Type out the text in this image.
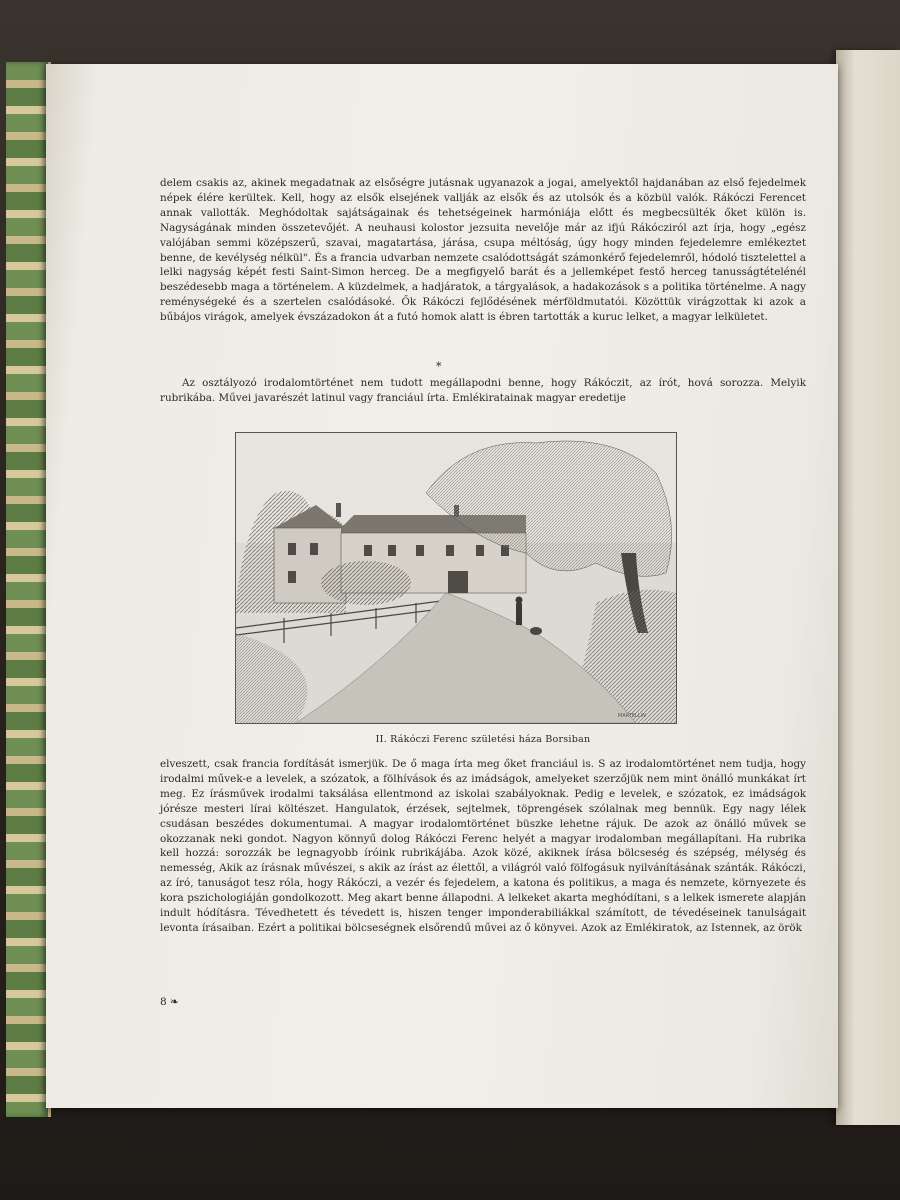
delem csakis az, akinek megadatnak az elsőségre jutásnak ugyanazok a jogai, amelyektől hajdanában az első fejedelmek népek élére kerültek. Kell, hogy az elsők elsejének vallják az elsők és az utolsók és a közbül valók. Rákóczi Ferencet annak vallották. Meghódoltak sajátságainak és tehetségeinek harmóniája előtt és megbecsülték őket külön is. Nagyságának minden összetevőjét. A neuhausi kolostor jezsuita nevelője már az ifjú Rákócziról azt írja, hogy „egész valójában semmi középszerű, szavai, magatartása, járása, csupa méltóság, úgy hogy minden fejedelemre emlékeztet benne, de kevélység nélkül". És a francia udvarban nemzete csalódottságát számonkérő fejedelemről, hódoló tisztelettel a lelki nagyság képét festi Saint-Simon herceg. De a megfigyelő barát és a jellemképet festő herceg tanusságtételénél beszédesebb maga a történelem. A küzdelmek, a hadjáratok, a tárgyalások, a hadakozások s a politika történelme. A nagy reménységeké és a szertelen csalódásoké. Ők Rákóczi fejlődésének mérföldmutatói. Közöttük virágzottak ki azok a bűbájos virágok, amelyek évszázadokon át a futó homok alatt is ébren tartották a kuruc lelket, a magyar lelkületet.

*

Az osztályozó irodalomtörténet nem tudott megállapodni benne, hogy Rákóczit, az írót, hová sorozza. Melyik rubrikába. Művei javarészét latinul vagy franciául írta. Emlékiratainak magyar eredetije

MARTELLIN
II. Rákóczi Ferenc születési háza Borsiban

elveszett, csak francia fordítását ismerjük. De ő maga írta meg őket franciául is. S az irodalomtörténet nem tudja, hogy irodalmi művek-e a levelek, a szózatok, a fölhívások és az imádságok, amelyeket szerzőjük nem mint önálló munkákat írt meg. Ez írásművek irodalmi taksálása ellentmond az iskolai szabályoknak. Pedig e levelek, e szózatok, ez imádságok jórésze mesteri lírai költészet. Hangulatok, érzések, sejtelmek, töprengések szólalnak meg bennük. Egy nagy lélek csudásan beszédes dokumentumai. A magyar irodalomtörténet büszke lehetne rájuk. De azok az önálló művek se okozzanak neki gondot. Nagyon könnyű dolog Rákóczi Ferenc helyét a magyar irodalomban megállapítani. Ha rubrika kell hozzá: sorozzák be legnagyobb íróink rubrikájába. Azok közé, akiknek írása bölcseség és szépség, mélység és nemesség, Akik az írásnak művészei, s akik az írást az élettől, a világról való fölfogásuk nyilvánításának szánták. Rákóczi, az író, tanuságot tesz róla, hogy Rákóczi, a vezér és fejedelem, a katona és politikus, a maga és nemzete, környezete és kora pszichologiáján gondolkozott. Meg akart benne állapodni. A lelkeket akarta meghódítani, s a lelkek ismerete alapján indult hódításra. Tévedhetett és tévedett is, hiszen tenger imponderabiliákkal számított, de tévedéseinek tanulságait levonta írásaiban. Ezért a politikai bölcseségnek elsőrendű művei az ő könyvei. Azok az Emlékiratok, az Istennek, az örök

8 ❧
